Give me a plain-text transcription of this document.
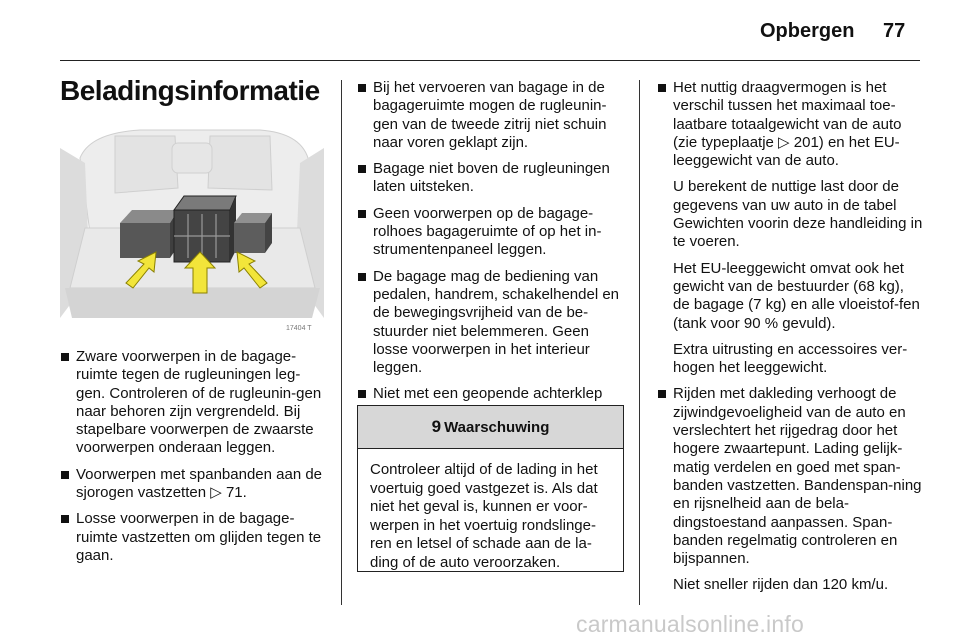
Opbergen 77
Beladingsinformatie
17404 T
Zware voorwerpen in de bagage-ruimte tegen de rugleuningen leg-gen. Controleren of de rugleunin-gen naar behoren zijn vergrendeld. Bij stapelbare voorwerpen de zwaarste voorwerpen onderaan leggen.
Voorwerpen met spanbanden aan de sjorogen vastzetten ▷ 71.
Losse voorwerpen in de bagage-ruimte vastzetten om glijden tegen te gaan.
Bij het vervoeren van bagage in de bagageruimte mogen de rugleunin-gen van de tweede zitrij niet schuin naar voren geklapt zijn.
Bagage niet boven de rugleuningen laten uitsteken.
Geen voorwerpen op de bagage-rolhoes bagageruimte of op het in-strumentenpaneel leggen.
De bagage mag de bediening van pedalen, handrem, schakelhendel en de bewegingsvrijheid van de be-stuurder niet belemmeren. Geen losse voorwerpen in het interieur leggen.
Niet met een geopende achterklep
9 Waarschuwing
Controleer altijd of de lading in het voertuig goed vastgezet is. Als dat niet het geval is, kunnen er voor-werpen in het voertuig rondslinge-ren en letsel of schade aan de la-ding of de auto veroorzaken.
Het nuttig draagvermogen is het verschil tussen het maximaal toe-laatbare totaalgewicht van de auto (zie typeplaatje ▷ 201) en het EU-leeggewicht van de auto.
U berekent de nuttige last door de gegevens van uw auto in de tabel Gewichten voorin deze handleiding in te voeren.
Het EU-leeggewicht omvat ook het gewicht van de bestuurder (68 kg), de bagage (7 kg) en alle vloeistof-fen (tank voor 90 % gevuld).
Extra uitrusting en accessoires ver-hogen het leeggewicht.
Rijden met dakleding verhoogt de zijwindgevoeligheid van de auto en verslechtert het rijgedrag door het hogere zwaartepunt. Lading gelijk-matig verdelen en goed met span-banden vastzetten. Bandenspan-ning en rijsnelheid aan de bela-dingstoestand aanpassen. Span-banden regelmatig controleren en bijspannen.
Niet sneller rijden dan 120 km/u.
carmanualsonline.info
